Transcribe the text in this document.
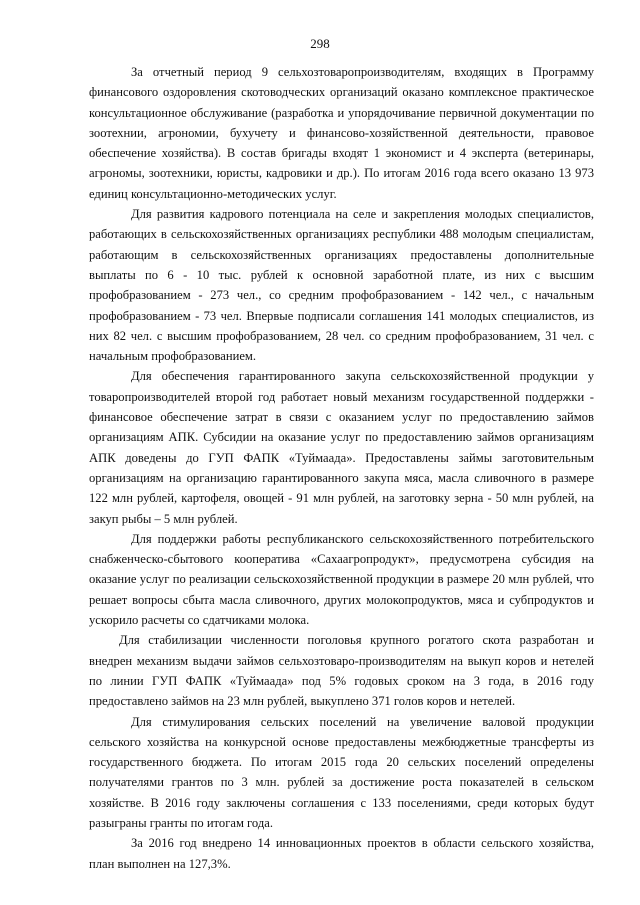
298

За отчетный период 9 сельхозтоваропроизводителям, входящих в Программу финансового оздоровления скотоводческих организаций оказано комплексное практическое консультационное обслуживание (разработка и упорядочивание первичной документации по зоотехнии, агрономии, бухучету и финансово-хозяйственной деятельности, правовое обеспечение хозяйства). В состав бригады входят 1 экономист и 4 эксперта (ветеринары, агрономы, зоотехники, юристы, кадровики и др.). По итогам 2016 года всего оказано 13 973 единиц консультационно-методических услуг.

Для развития кадрового потенциала на селе и закрепления молодых специалистов, работающих в сельскохозяйственных организациях республики 488 молодым специалистам, работающим в сельскохозяйственных организациях предоставлены дополнительные выплаты по 6 - 10 тыс. рублей к основной заработной плате, из них с высшим профобразованием - 273 чел., со средним профобразованием - 142 чел., с начальным профобразованием - 73 чел. Впервые подписали соглашения 141 молодых специалистов, из них 82 чел. с высшим профобразованием, 28 чел. со средним профобразованием, 31 чел. с начальным профобразованием.

Для обеспечения гарантированного закупа сельскохозяйственной продукции у товаропроизводителей второй год работает новый механизм государственной поддержки - финансовое обеспечение затрат в связи с оказанием услуг по предоставлению займов организациям АПК. Субсидии на оказание услуг по предоставлению займов организациям АПК доведены до ГУП ФАПК «Туймаада». Предоставлены займы заготовительным организациям на организацию гарантированного закупа мяса, масла сливочного в размере 122 млн рублей, картофеля, овощей - 91 млн рублей, на заготовку зерна - 50 млн рублей, на закуп рыбы – 5 млн рублей.

Для поддержки работы республиканского сельскохозяйственного потребительского снабженческо-сбытового кооператива «Сахаагропродукт», предусмотрена субсидия на оказание услуг по реализации сельскохозяйственной продукции в размере 20 млн рублей, что решает вопросы сбыта масла сливочного, других молокопродуктов, мяса и субпродуктов и ускорило расчеты со сдатчиками молока.

Для стабилизации численности поголовья крупного рогатого скота разработан и внедрен механизм выдачи займов сельхозтоваро-производителям на выкуп коров и нетелей по линии ГУП ФАПК «Туймаада» под 5% годовых сроком на 3 года, в 2016 году предоставлено займов на 23 млн рублей, выкуплено 371 голов коров и нетелей.

Для стимулирования сельских поселений на увеличение валовой продукции сельского хозяйства на конкурсной основе предоставлены межбюджетные трансферты из государственного бюджета. По итогам 2015 года 20 сельских поселений определены получателями грантов по 3 млн. рублей за достижение роста показателей в сельском хозяйстве. В 2016 году заключены соглашения с 133 поселениями, среди которых будут разыграны гранты по итогам года.

За 2016 год внедрено 14 инновационных проектов в области сельского хозяйства, план выполнен на 127,3%.
